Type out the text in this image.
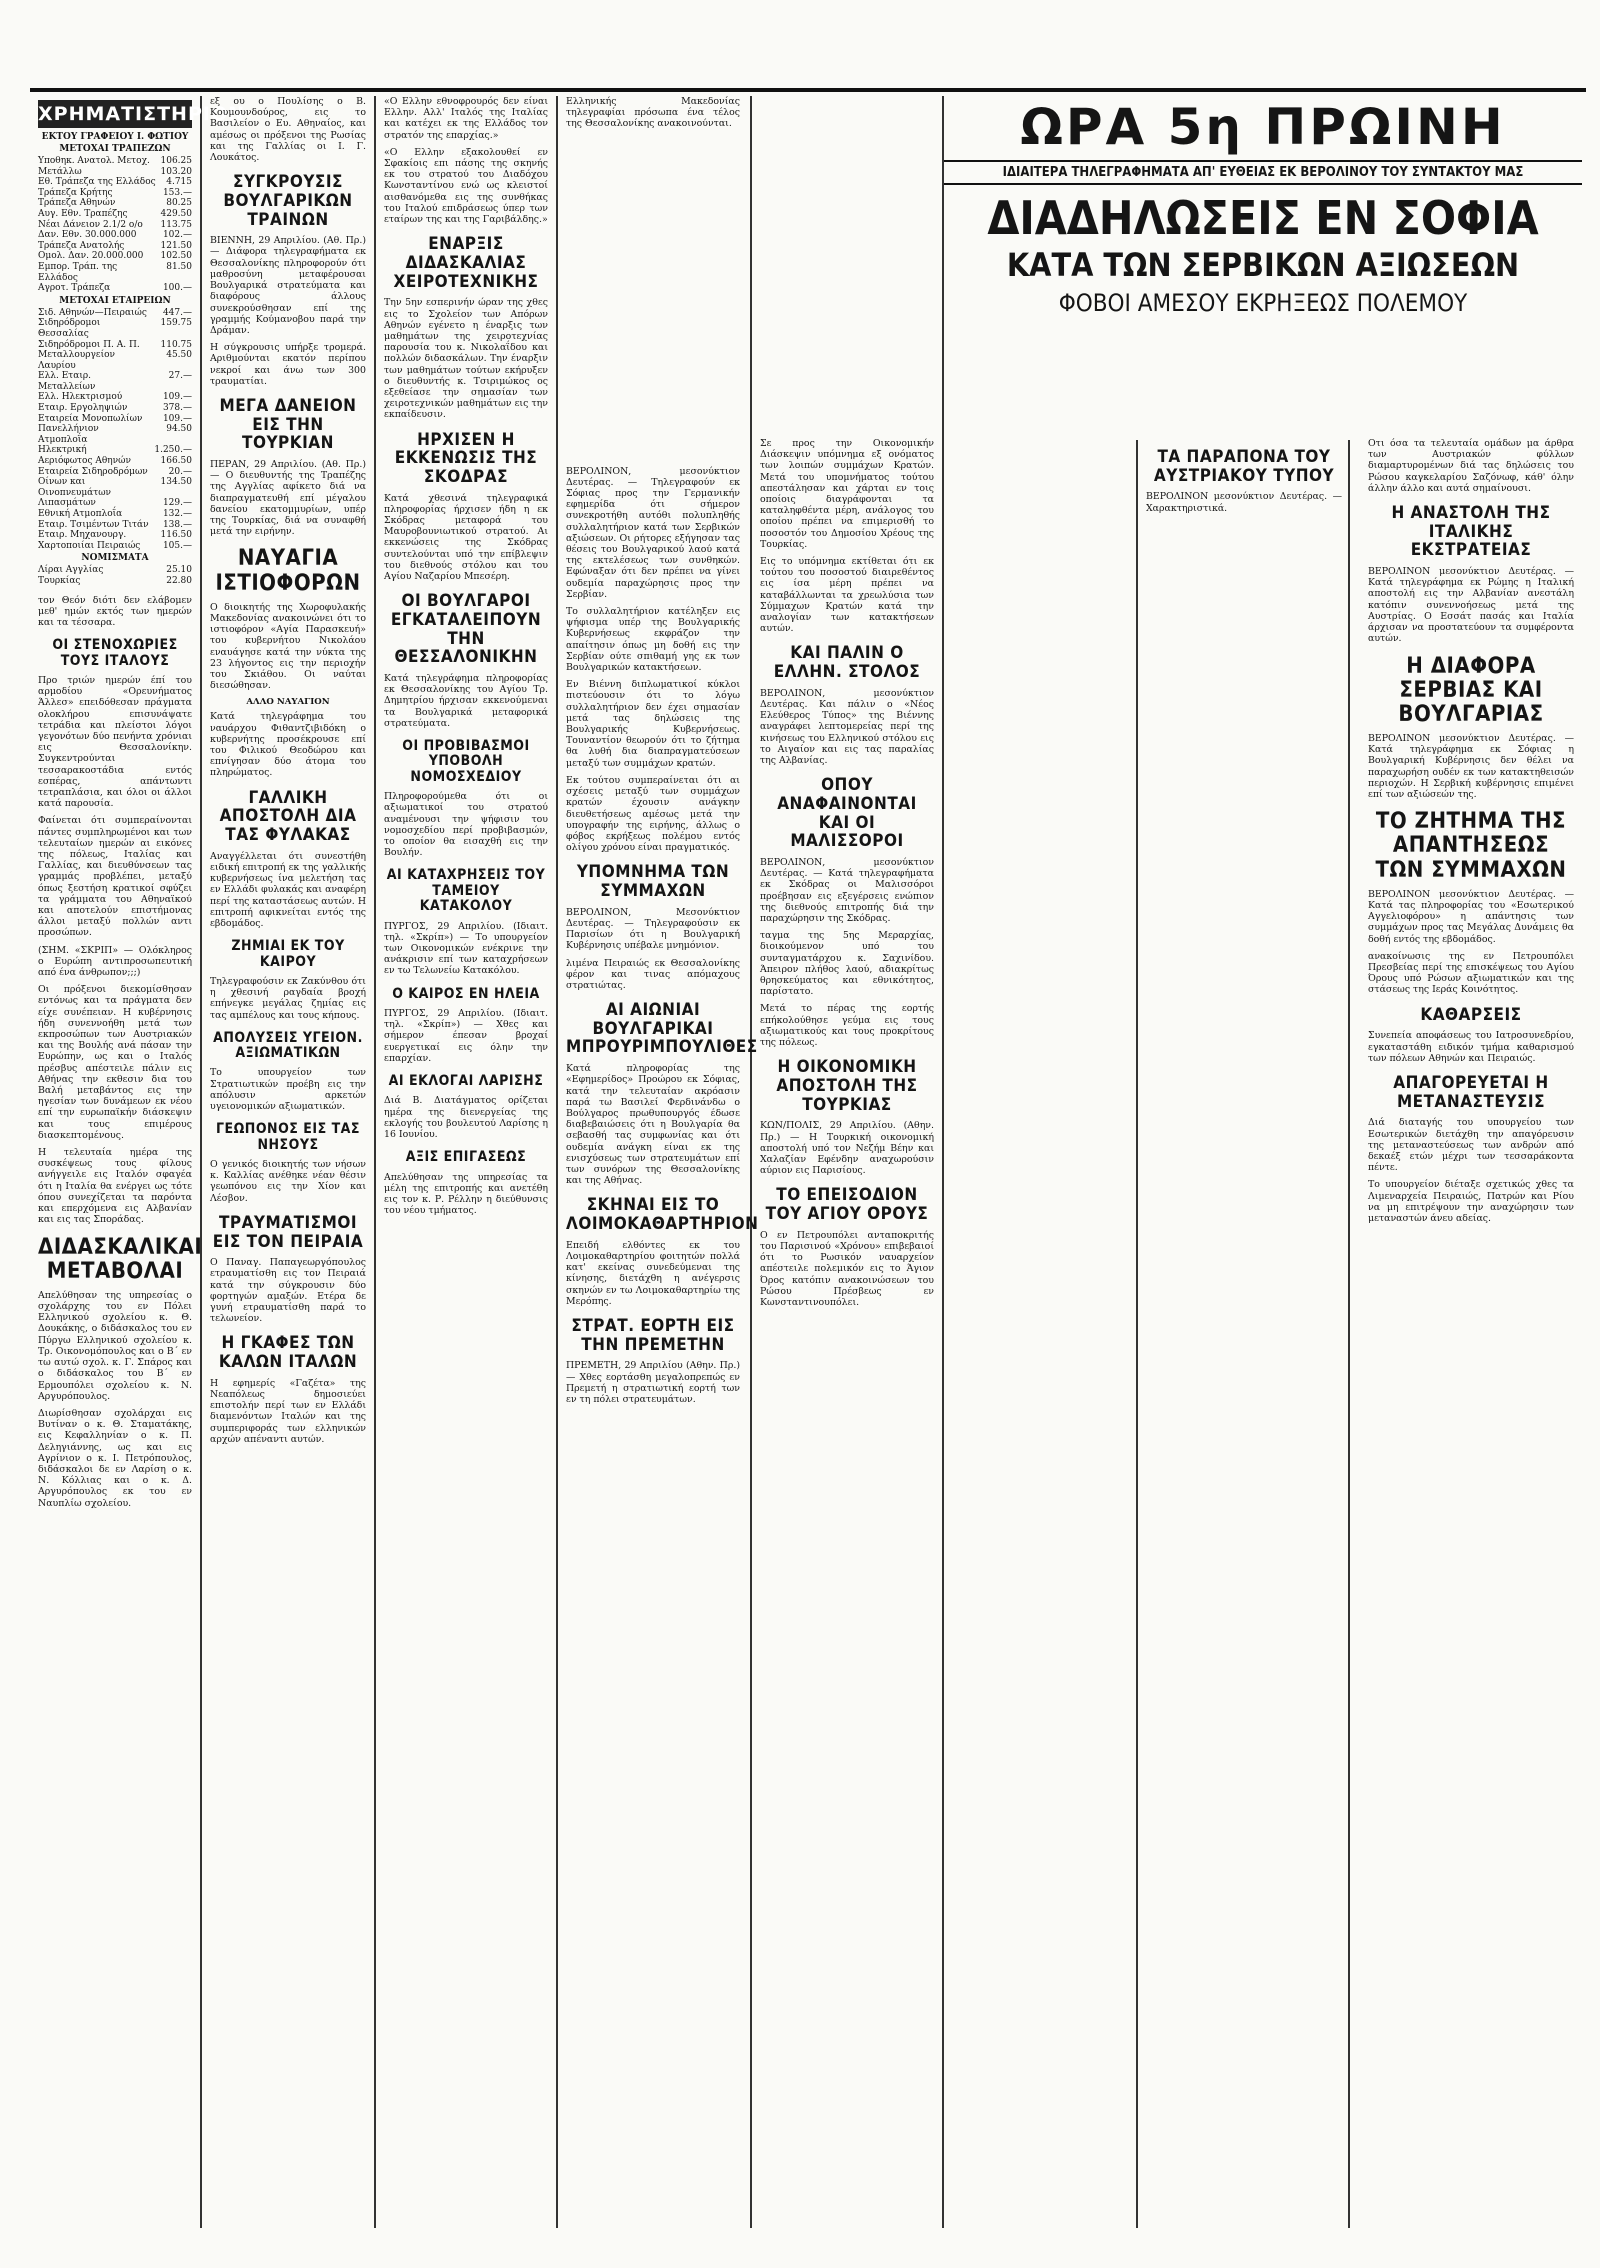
ΧΡΗΜΑΤΙΣΤΗΡΙΟΝ
ΕΚΤΟΥ ΓΡΑΦΕΙΟΥ Ι. ΦΩΤΙΟΥ
ΜΕΤΟΧΑΙ ΤΡΑΠΕΖΩΝ
Υποθηκ. Ανατολ. Μετοχ.	106.25
Μετάλλω	103.20
Εθ. Τράπεζα της Ελλάδος	4.715
Τράπεζα Κρήτης	153.—
Τράπεζα Αθηνών	80.25
Αυγ. Εθν. Τραπέζης	429.50
Νέαι Δάνειον 2.1/2 ο/ο	113.75
Δαν. Εθν. 30.000.000	102.—
Τράπεζα Ανατολής	121.50
Ομολ. Δαν. 20.000.000	102.50
Εμπορ. Τράπ. της Ελλάδος	81.50
Αγροτ. Τράπεζα	100.—
ΜΕΤΟΧΑΙ ΕΤΑΙΡΕΙΩΝ
Σιδ. Αθηνών—Πειραιώς	447.—
Σιδηρόδρομοι Θεσσαλίας	159.75
Σιδηρόδρομοι Π. Α. Π.	110.75
Μεταλλουργείον Λαυρίου	45.50
Ελλ. Εταιρ. Μεταλλείων	27.—
Ελλ. Ηλεκτρισμού	109.—
Εταιρ. Εργοληψιών	378.—
Εταιρεία Μονοπωλίων	109.—
Πανελλήνιον Ατμοπλοΐα	94.50
Ηλεκτρική	1.250.—
Αεριόφωτος Αθηνών	166.50
Εταιρεία Σιδηροδρόμων	20.—
Οίνων και Οινοπνευμάτων	134.50
Λιπασμάτων	129.—
Εθνική Ατμοπλοΐα	132.—
Εταιρ. Τσιμέντων Τιτάν	138.—
Εταιρ. Μηχανουργ.	116.50
Χαρτοποιίαι Πειραιώς	105.—
ΝΟΜΙΣΜΑΤΑ
Λίραι Αγγλίας	25.10
Τουρκίας	22.80
τον Θεόν διότι δεν ελάβομεν μεθ' ημών εκτός των ημερών και τα τέσσαρα.
ΟΙ ΣΤΕΝΟΧΩΡΙΕΣ ΤΟΥΣ ΙΤΑΛΟΥΣ
Προ τριών ημερών έπί του αρμοδίου «Ορευνήματος Άλλεσ» επειδόθεσαν πράγματα ολοκλήρου επισυνάψατε τετράδια και πλείστοι λόγοι γεγονότων δύο πενήντα χρόνιαι εις Θεσσαλονίκην. Συγκεντρούνται τεσσαρακοστάδια εντός εσπέρας, απάντωντι τετραπλάσια, και όλοι οι άλλοι κατά παρουσία.
Φαίνεται ότι συμπεραίνονται πάντες συμπληρωμένοι και των τελευταίων ημερών αι εικόνες της πόλεως, Ιταλίας και Γαλλίας, και διευθύνσεων τας γραμμάς προβλέπει, μεταξύ όπως ξεστήση κρατικοί σφύζει τα γράμματα του Αθηναϊκού και αποτελούν επιστήμονας άλλοι μεταξύ πολλών αντι προσώπων.
(ΣΗΜ. «ΣΚΡΙΠ» — Ολόκληρος ο Ευρώπη αντιπροσωπευτική από ένα άνθρωπον;;;)
Οι πρόξενοι διεκομίσθησαν εντόνως και τα πράγματα δεν είχε συνέπειαν. Η κυβέρνησις ήδη συνεννοήθη μετά των εκπροσώπων των Αυστριακών και της Βουλής ανά πάσαν την Ευρώπην, ως και ο Ιταλός πρέσβυς απέστειλε πάλιν εις Αθήνας την εκθεσιν δια του Βαλή μεταβάντος εις την ηγεσίαν των δυνάμεων εκ νέου επί την ευρωπαϊκήν διάσκεψιν και τους επιμέρους διασκεπτομένους.
Η τελευταία ημέρα της συσκέψεως τους φίλους ανήγγειλε εις Ιταλόν σφαγέα ότι η Ιταλία θα ενέργει ως τότε όπου συνεχίζεται τα παρόντα και επερχόμενα εις Αλβανίαν και εις τας Σποράδας.
ΔΙΔΑΣΚΑΛΙΚΑΙ ΜΕΤΑΒΟΛΑΙ
Απελύθησαν της υπηρεσίας ο σχολάρχης του εν Πόλει Ελληνικού σχολείου κ. Θ. Δουκάκης, ο διδάσκαλος του εν Πύργω Ελληνικού σχολείου κ. Τρ. Οικονομόπουλος και ο Β΄ εν τω αυτώ σχολ. κ. Γ. Σπάρος και ο διδάσκαλος του Β΄ εν Ερμουπόλει σχολείου κ. Ν. Αργυρόπουλος.
Διωρίσθησαν σχολάρχαι εις Βυτίναν ο κ. Θ. Σταματάκης, εις Κεφαλληνίαν ο κ. Π. Δεληγιάννης, ως και εις Αγρίνιον ο κ. Ι. Πετρόπουλος, διδάσκαλοι δε εν Λαρίση ο κ. Ν. Κόλλιας και ο κ. Δ. Αργυρόπουλος εκ του εν Ναυπλίω σχολείου.
εξ ου ο Πουλίσης ο Β. Κουμουνδούρος, εις το Βασιλείον ο Ευ. Αθηναίος, και αμέσως οι πρόξενοι της Ρωσίας και της Γαλλίας οι Ι. Γ. Λουκάτος.
ΣΥΓΚΡΟΥΣΙΣ ΒΟΥΛΓΑΡΙΚΩΝ ΤΡΑΙΝΩΝ
ΒΙΕΝΝΗ, 29 Απριλίου. (Αθ. Πρ.) — Διάφορα τηλεγραφήματα εκ Θεσσαλονίκης πληροφορούν ότι μαθροσύνη μεταφέρουσαι Βουλγαρικά στρατεύματα και διαφόρους άλλους συνεκρούσθησαν επί της γραμμής Κούμανοβου παρά την Δράμαν.
Η σύγκρουσις υπήρξε τρομερά. Αριθμούνται εκατόν περίπου νεκροί και άνω των 300 τραυματίαι.
ΜΕΓΑ ΔΑΝΕΙΟΝ ΕΙΣ ΤΗΝ ΤΟΥΡΚΙΑΝ
ΠΕΡΑΝ, 29 Απριλίου. (Αθ. Πρ.) — Ο διευθυντής της Τραπέζης της Αγγλίας αφίκετο διά να διαπραγματευθή επί μέγαλου δανείου εκατομμυρίων, υπέρ της Τουρκίας, διά να συναφθή μετά την ειρήνην.
ΝΑΥΑΓΙΑ ΙΣΤΙΟΦΟΡΩΝ
Ο διοικητής της Χωροφυλακής Μακεδονίας ανακοινώνει ότι το ιστιοφόρον «Αγία Παρασκευή» του κυβερνήτου Νικολάου εναυάγησε κατά την νύκτα της 23 λήγοντος εις την περιοχήν του Σκιάθου. Οι ναύται διεσώθησαν.
ΑΛΛΟ ΝΑΥΑΓΙΟΝ
Κατά τηλεγράφημα του ναυάρχου Φιθαντζιβιδόκη ο κυβερνήτης προσέκρουσε επί του Φιλικού Θεοδώρου και επνίγησαν δύο άτομα του πληρώματος.
ΓΑΛΛΙΚΗ ΑΠΟΣΤΟΛΗ ΔΙΑ ΤΑΣ ΦΥΛΑΚΑΣ
Αναγγέλλεται ότι συνεστήθη ειδική επιτροπή εκ της γαλλικής κυβερνήσεως ίνα μελετήση τας εν Ελλάδι φυλακάς και αναφέρη περί της καταστάσεως αυτών. Η επιτροπή αφικνείται εντός της εβδομάδος.
ΖΗΜΙΑΙ ΕΚ ΤΟΥ ΚΑΙΡΟΥ
Τηλεγραφούσιν εκ Ζακύνθου ότι η χθεσινή ραγδαία βροχή επήνεγκε μεγάλας ζημίας εις τας αμπέλους και τους κήπους.
ΑΠΟΛΥΣΕΙΣ ΥΓΕΙΟΝ. ΑΞΙΩΜΑΤΙΚΩΝ
Το υπουργείον των Στρατιωτικών προέβη εις την απόλυσιν αρκετών υγειονομικών αξιωματικών.
ΓΕΩΠΟΝΟΣ ΕΙΣ ΤΑΣ ΝΗΣΟΥΣ
Ο γενικός διοικητής των νήσων κ. Καλλίας ανέθηκε νέαν θέσιν γεωπόνου εις την Χίον και Λέσβον.
ΤΡΑΥΜΑΤΙΣΜΟΙ ΕΙΣ ΤΟΝ ΠΕΙΡΑΙΑ
Ο Παναγ. Παπαγεωργόπουλος ετραυματίσθη εις τον Πειραιά κατά την σύγκρουσιν δύο φορτηγών αμαξών. Ετέρα δε γυνή ετραυματίσθη παρά το τελωνείον.
Η ΓΚΑΦΕΣ ΤΩΝ ΚΑΛΩΝ ΙΤΑΛΩΝ
Η εφημερίς «Γαζέτα» της Νεαπόλεως δημοσιεύει επιστολήν περί των εν Ελλάδι διαμενόντων Ιταλών και της συμπεριφοράς των ελληνικών αρχών απέναντι αυτών.
«Ο Ελλην εθνοφρουρός δεν είναι Ελλην. Αλλ' Ιταλός της Ιταλίας και κατέχει εκ της Ελλάδος τον στρατόν της επαρχίας.»
«Ο Ελλην εξακολουθεί εν Σφακίοις επι πάσης της σκηνής εκ του στρατού του Διαδόχου Κωνσταντίνου ενώ ως κλειστοί αισθανόμεθα εις της συνθήκας του Ιταλού επιδράσεως ύπερ των εταίρων της και της Γαριβάλδης.»
ΕΝΑΡΞΙΣ ΔΙΔΑΣΚΑΛΙΑΣ ΧΕΙΡΟΤΕΧΝΙΚΗΣ
Την 5ην εσπερινήν ώραν της χθες εις το Σχολείον των Απόρων Αθηνών εγένετο η έναρξις των μαθημάτων της χειροτεχνίας παρουσία του κ. Νικολαΐδου και πολλών διδασκάλων. Την έναρξιν των μαθημάτων τούτων εκήρυξεν ο διευθυντής κ. Τσιριμώκος ος εξεθείασε την σημασίαν των χειροτεχνικών μαθημάτων εις την εκπαίδευσιν.
ΗΡΧΙΣΕΝ Η ΕΚΚΕΝΩΣΙΣ ΤΗΣ ΣΚΟΔΡΑΣ
Κατά χθεσινά τηλεγραφικά πληροφορίας ήρχισεν ήδη η εκ Σκόδρας μεταφορά του Μαυροβουνιωτικού στρατού. Αι εκκενώσεις της Σκόδρας συντελούνται υπό την επίβλεψιν του διεθνούς στόλου και του Αγίου Ναζαρίου Μπεσέρη.
ΟΙ ΒΟΥΛΓΑΡΟΙ ΕΓΚΑΤΑΛΕΙΠΟΥΝ ΤΗΝ ΘΕΣΣΑΛΟΝΙΚΗΝ
Κατά τηλεγράφημα πληροφορίας εκ Θεσσαλονίκης του Αγίου Τρ. Δημητρίου ήρχισαν εκκενούμεναι τα Βουλγαρικά μεταφορικά στρατεύματα.
ΟΙ ΠΡΟΒΙΒΑΣΜΟΙ ΥΠΟΒΟΛΗ ΝΟΜΟΣΧΕΔΙΟΥ
Πληροφορούμεθα ότι οι αξιωματικοί του στρατού αναμένουσι την ψήφισιν του νομοσχεδίου περί προβιβασμών, το οποίον θα εισαχθή εις την Βουλήν.
ΑΙ ΚΑΤΑΧΡΗΣΕΙΣ ΤΟΥ ΤΑΜΕΙΟΥ ΚΑΤΑΚΟΛΟΥ
ΠΥΡΓΟΣ, 29 Απριλίου. (Ιδιαιτ. τηλ. «Σκρίπ») — Το υπουργείον των Οικονομικών ενέκρινε την ανάκρισιν επί των καταχρήσεων εν τω Τελωνείω Κατακόλου.
Ο ΚΑΙΡΟΣ ΕΝ ΗΛΕΙΑ
ΠΥΡΓΟΣ, 29 Απριλίου. (Ιδιαιτ. τηλ. «Σκρίπ») — Χθες και σήμερον έπεσαν βροχαί ευεργετικαί εις όλην την επαρχίαν.
ΑΙ ΕΚΛΟΓΑΙ ΛΑΡΙΣΗΣ
Διά Β. Διατάγματος ορίζεται ημέρα της διενεργείας της εκλογής του βουλευτού Λαρίσης η 16 Ιουνίου.
ΑΞΙΣ ΕΠΙΓΑΣΕΩΣ
Απελύθησαν της υπηρεσίας τα μέλη της επιτροπής και ανετέθη εις τον κ. Ρ. Ρέλλην η διεύθυνσις του νέου τμήματος.
Ελληνικής Μακεδονίας τηλεγραφίαι πρόσωπα ένα τέλος της Θεσσαλονίκης ανακοινούνται.
ΒΕΡΟΛΙΝΟΝ, μεσονύκτιον Δευτέρας. — Τηλεγραφούν εκ Σόφιας προς την Γερμανικήν εφημερίδα ότι σήμερον συνεκροτήθη αυτόθι πολυπληθής συλλαλητήριον κατά των Σερβικών αξιώσεων. Οι ρήτορες εξήγησαν τας θέσεις του Βουλγαρικού λαού κατά της εκτελέσεως των συνθηκών. Εφώναξαν ότι δεν πρέπει να γίνει ουδεμία παραχώρησις προς την Σερβίαν.
Το συλλαλητήριον κατέληξεν εις ψήφισμα υπέρ της Βουλγαρικής Κυβερνήσεως εκφράζον την απαίτησιν όπως μη δοθή εις την Σερβίαν ούτε σπιθαμή γης εκ των Βουλγαρικών κατακτήσεων.
Εν Βιέννη διπλωματικοί κύκλοι πιστεύουσιν ότι το λόγω συλλαλητήριον δεν έχει σημασίαν μετά τας δηλώσεις της Βουλγαρικής Κυβερνήσεως. Τουναντίον θεωρούν ότι το ζήτημα θα λυθή δια διαπραγματεύσεων μεταξύ των συμμάχων κρατών.
Εκ τούτου συμπεραίνεται ότι αι σχέσεις μεταξύ των συμμάχων κρατών έχουσιν ανάγκην διευθετήσεως αμέσως μετά την υπογραφήν της ειρήνης, άλλως ο φόβος εκρήξεως πολέμου εντός ολίγου χρόνου είναι πραγματικός.
ΥΠΟΜΝΗΜΑ ΤΩΝ ΣΥΜΜΑΧΩΝ
ΒΕΡΟΛΙΝΟΝ, Μεσονύκτιον Δευτέρας. — Τηλεγραφούσιν εκ Παρισίων ότι η Βουλγαρική Κυβέρνησις υπέβαλε μνημόνιον.
λιμένα Πειραιώς εκ Θεσσαλονίκης φέρον και τινας απόμαχους στρατιώτας.
ΑΙ ΑΙΩΝΙΑΙ ΒΟΥΛΓΑΡΙΚΑΙ ΜΠΡΟΥΡΙΜΠΟΥΛΙΘΕΣ
Κατά πληροφορίας της «Εφημερίδος» Προώρου εκ Σόφιας, κατά την τελευταίαν ακρόασιν παρά τω Βασιλεί Φερδινάνδω ο Βούλγαρος πρωθυπουργός έδωσε διαβεβαιώσεις ότι η Βουλγαρία θα σεβασθή τας συμφωνίας και ότι ουδεμία ανάγκη είναι εκ της ενισχύσεως των στρατευμάτων επί των συνόρων της Θεσσαλονίκης και της Αθήνας.
ΣΚΗΝΑΙ ΕΙΣ ΤΟ ΛΟΙΜΟΚΑΘΑΡΤΗΡΙΟΝ
Επειδή ελθόντες εκ του Λοιμοκαθαρτηρίου φοιτητών πολλά κατ' εκείνας συνεδεύμεναι της κίνησης, διετάχθη η ανέγερσις σκηνών εν τω Λοιμοκαθαρτηρίω της Μερόπης.
ΣΤΡΑΤ. ΕΟΡΤΗ ΕΙΣ ΤΗΝ ΠΡΕΜΕΤΗΝ
ΠΡΕΜΕΤΗ, 29 Απριλίου (Αθην. Πρ.) — Χθες εορτάσθη μεγαλοπρεπώς εν Πρεμετή η στρατιωτική εορτή των εν τη πόλει στρατευμάτων.
Σε προς την Οικονομικήν Διάσκεψιν υπόμνημα εξ ονόματος των λοιπών συμμάχων Κρατών. Μετά του υπομνήματος τούτου απεστάλησαν και χάρται εν τοις οποίοις διαγράφονται τα καταληφθέντα μέρη, ανάλογος του οποίου πρέπει να επιμερισθή το ποσοστόν του Δημοσίου Χρέους της Τουρκίας.
Εις το υπόμνημα εκτίθεται ότι εκ τούτου του ποσοστού διαιρεθέντος εις ίσα μέρη πρέπει να καταβάλλωνται τα χρεωλύσια των Σύμμαχων Κρατών κατά την αναλογίαν των κατακτήσεων αυτών.
ΚΑΙ ΠΑΛΙΝ Ο ΕΛΛΗΝ. ΣΤΟΛΟΣ
ΒΕΡΟΛΙΝΟΝ, μεσονύκτιον Δευτέρας. Και πάλιν ο «Νέος Ελεύθερος Τύπος» της Βιέννης αναγράφει λεπτομερείας περί της κινήσεως του Ελληνικού στόλου εις το Αιγαίον και εις τας παραλίας της Αλβανίας.
ΟΠΟΥ ΑΝΑΦΑΙΝΟΝΤΑΙ ΚΑΙ ΟΙ ΜΑΛΙΣΣΟΡΟΙ
ΒΕΡΟΛΙΝΟΝ, μεσονύκτιον Δευτέρας. — Κατά τηλεγραφήματα εκ Σκόδρας οι Μαλισσόροι προέβησαν εις εξεγέρσεις ενώπιον της διεθνούς επιτροπής διά την παραχώρησιν της Σκόδρας.
ταγμα της 5ης Μεραρχίας, διοικούμενον υπό του συνταγματάρχου κ. Σαχινίδου. Άπειρον πλήθος λαού, αδιακρίτως θρησκεύματος και εθνικότητος, παρίστατο.
Μετά το πέρας της εορτής επήκολούθησε γεύμα εις τους αξιωματικούς και τους προκρίτους της πόλεως.
Η ΟΙΚΟΝΟΜΙΚΗ ΑΠΟΣΤΟΛΗ ΤΗΣ ΤΟΥΡΚΙΑΣ
ΚΩΝ/ΠΟΛΙΣ, 29 Απριλίου. (Αθην. Πρ.) — Η Τουρκική οικονομική αποστολή υπό τον Νεζήμ Βέην και Χαλαζίαν Εφένδην αναχωρούσιν αύριον εις Παρισίους.
ΤΟ ΕΠΕΙΣΟΔΙΟΝ ΤΟΥ ΑΓΙΟΥ ΟΡΟΥΣ
Ο εν Πετρουπόλει ανταποκριτής του Παρισινού «Χρόνου» επιβεβαιοί ότι το Ρωσικόν ναυαρχείον απέστειλε πολεμικόν εις το Άγιον Όρος κατόπιν ανακοινώσεων του Ρώσου Πρέσβεως εν Κωνσταντινουπόλει.
Οτι όσα τα τελευταία ομάδων μα άρθρα των Αυστριακών φύλλων διαμαρτυρομένων διά τας δηλώσεις του Ρώσου καγκελαρίου Σαζόνωφ, κάθ' όλην άλλην άλλο και αυτά σημαίνουσι.
Η ΑΝΑΣΤΟΛΗ ΤΗΣ ΙΤΑΛΙΚΗΣ ΕΚΣΤΡΑΤΕΙΑΣ
ΒΕΡΟΛΙΝΟΝ μεσονύκτιον Δευτέρας. — Κατά τηλεγράφημα εκ Ρώμης η Ιταλική αποστολή εις την Αλβανίαν ανεστάλη κατόπιν συνεννοήσεως μετά της Αυστρίας. Ο Εσσάτ πασάς και Ιταλία άρχισαν να προστατεύουν τα συμφέροντα αυτών.
Η ΔΙΑΦΟΡΑ ΣΕΡΒΙΑΣ ΚΑΙ ΒΟΥΛΓΑΡΙΑΣ
ΒΕΡΟΛΙΝΟΝ μεσονύκτιον Δευτέρας. — Κατά τηλεγράφημα εκ Σόφιας η Βουλγαρική Κυβέρνησις δεν θέλει να παραχωρήση ουδέν εκ των κατακτηθεισών περιοχών. Η Σερβική κυβέρνησις επιμένει επί των αξιώσεών της.
ΤΟ ΖΗΤΗΜΑ ΤΗΣ ΑΠΑΝΤΗΣΕΩΣ ΤΩΝ ΣΥΜΜΑΧΩΝ
ΒΕΡΟΛΙΝΟΝ μεσονύκτιον Δευτέρας. — Κατά τας πληροφορίας του «Εσωτερικού Αγγελιοφόρου» η απάντησις των συμμάχων προς τας Μεγάλας Δυνάμεις θα δοθή εντός της εβδομάδος.
ανακοίνωσις της εν Πετρουπόλει Πρεσβείας περί της επισκέψεως του Αγίου Όρους υπό Ρώσων αξιωματικών και της στάσεως της Ιεράς Κοινότητος.
ΚΑΘΑΡΣΕΙΣ
Συνεπεία αποφάσεως του Ιατροσυνεδρίου, εγκαταστάθη ειδικόν τμήμα καθαρισμού των πόλεων Αθηνών και Πειραιώς.
ΑΠΑΓΟΡΕΥΕΤΑΙ Η ΜΕΤΑΝΑΣΤΕΥΣΙΣ
Διά διαταγής του υπουργείου των Εσωτερικών διετάχθη την απαγόρευσιν της μεταναστεύσεως των ανδρών από δεκαέξ ετών μέχρι των τεσσαράκοντα πέντε.
Το υπουργείον διέταξε σχετικώς χθες τα Λιμεναρχεία Πειραιώς, Πατρών και Ρίου να μη επιτρέψουν την αναχώρησιν των μεταναστών άνευ αδείας.
ΤΑ ΠΑΡΑΠΟΝΑ ΤΟΥ ΑΥΣΤΡΙΑΚΟΥ ΤΥΠΟΥ
ΒΕΡΟΛΙΝΟΝ μεσονύκτιον Δευτέρας. — Χαρακτηριστικά.
ΩΡΑ 5η ΠΡΩΙΝΗ
ΙΔΙΑΙΤΕΡΑ ΤΗΛΕΓΡΑΦΗΜΑΤΑ ΑΠ' ΕΥΘΕΙΑΣ ΕΚ ΒΕΡΟΛΙΝΟΥ ΤΟΥ ΣΥΝΤΑΚΤΟΥ ΜΑΣ
ΔΙΑΔΗΛΩΣΕΙΣ ΕΝ ΣΟΦΙΑ
ΚΑΤΑ ΤΩΝ ΣΕΡΒΙΚΩΝ ΑΞΙΩΣΕΩΝ
ΦΟΒΟΙ ΑΜΕΣΟΥ ΕΚΡΗΞΕΩΣ ΠΟΛΕΜΟΥ
